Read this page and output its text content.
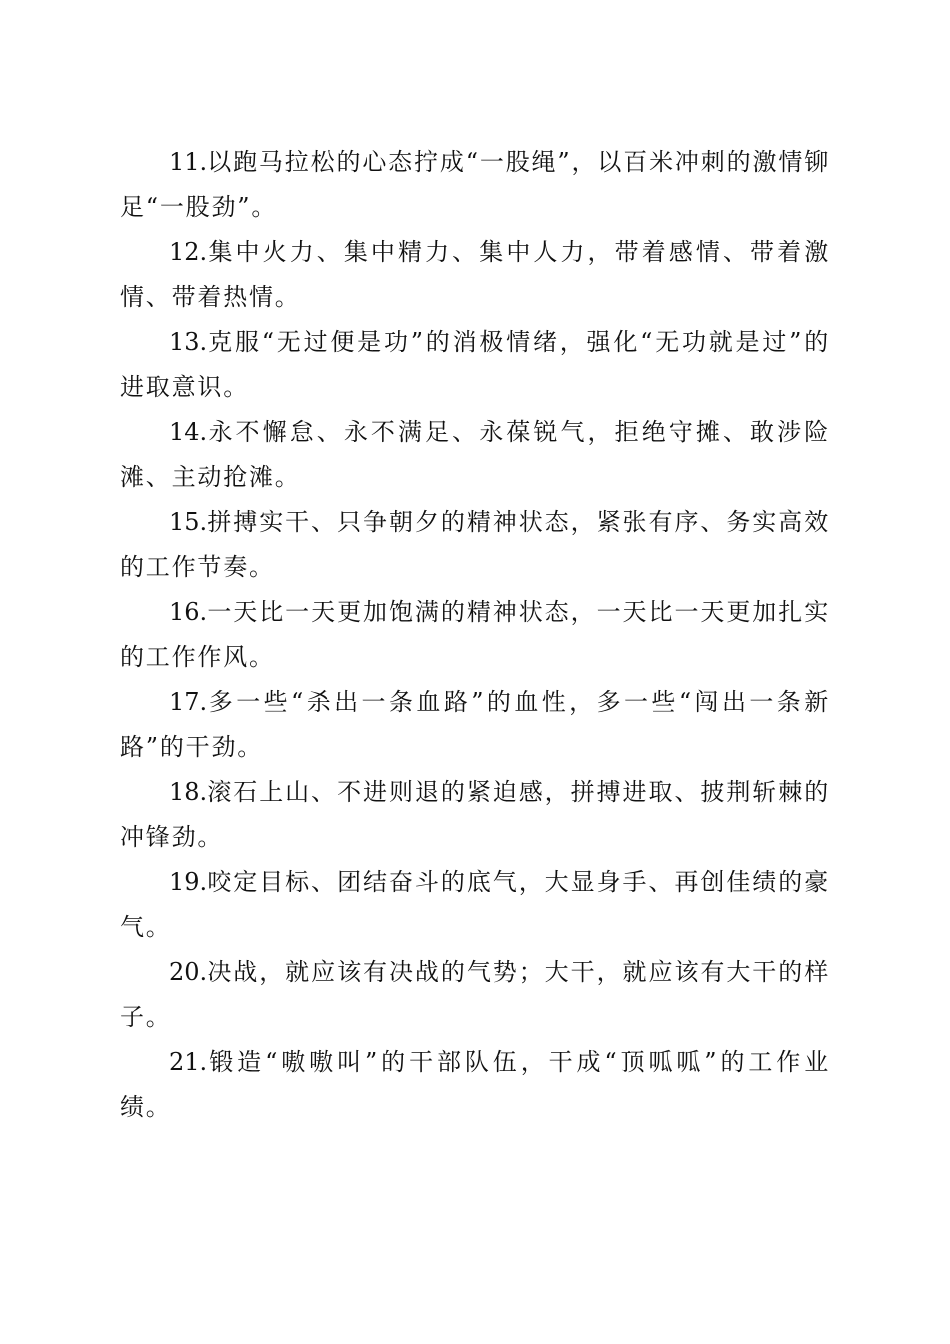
11.以跑马拉松的心态拧成“一股绳”，以百米冲刺的激情铆足“一股劲”。

12.集中火力、集中精力、集中人力，带着感情、带着激情、带着热情。

13.克服“无过便是功”的消极情绪，强化“无功就是过”的进取意识。

14.永不懈怠、永不满足、永葆锐气，拒绝守摊、敢涉险滩、主动抢滩。

15.拼搏实干、只争朝夕的精神状态，紧张有序、务实高效的工作节奏。

16.一天比一天更加饱满的精神状态，一天比一天更加扎实的工作作风。

17.多一些“杀出一条血路”的血性，多一些“闯出一条新路”的干劲。

18.滚石上山、不进则退的紧迫感，拼搏进取、披荆斩棘的冲锋劲。

19.咬定目标、团结奋斗的底气，大显身手、再创佳绩的豪气。

20.决战，就应该有决战的气势；大干，就应该有大干的样子。

21.锻造“嗷嗷叫”的干部队伍，干成“顶呱呱”的工作业绩。
